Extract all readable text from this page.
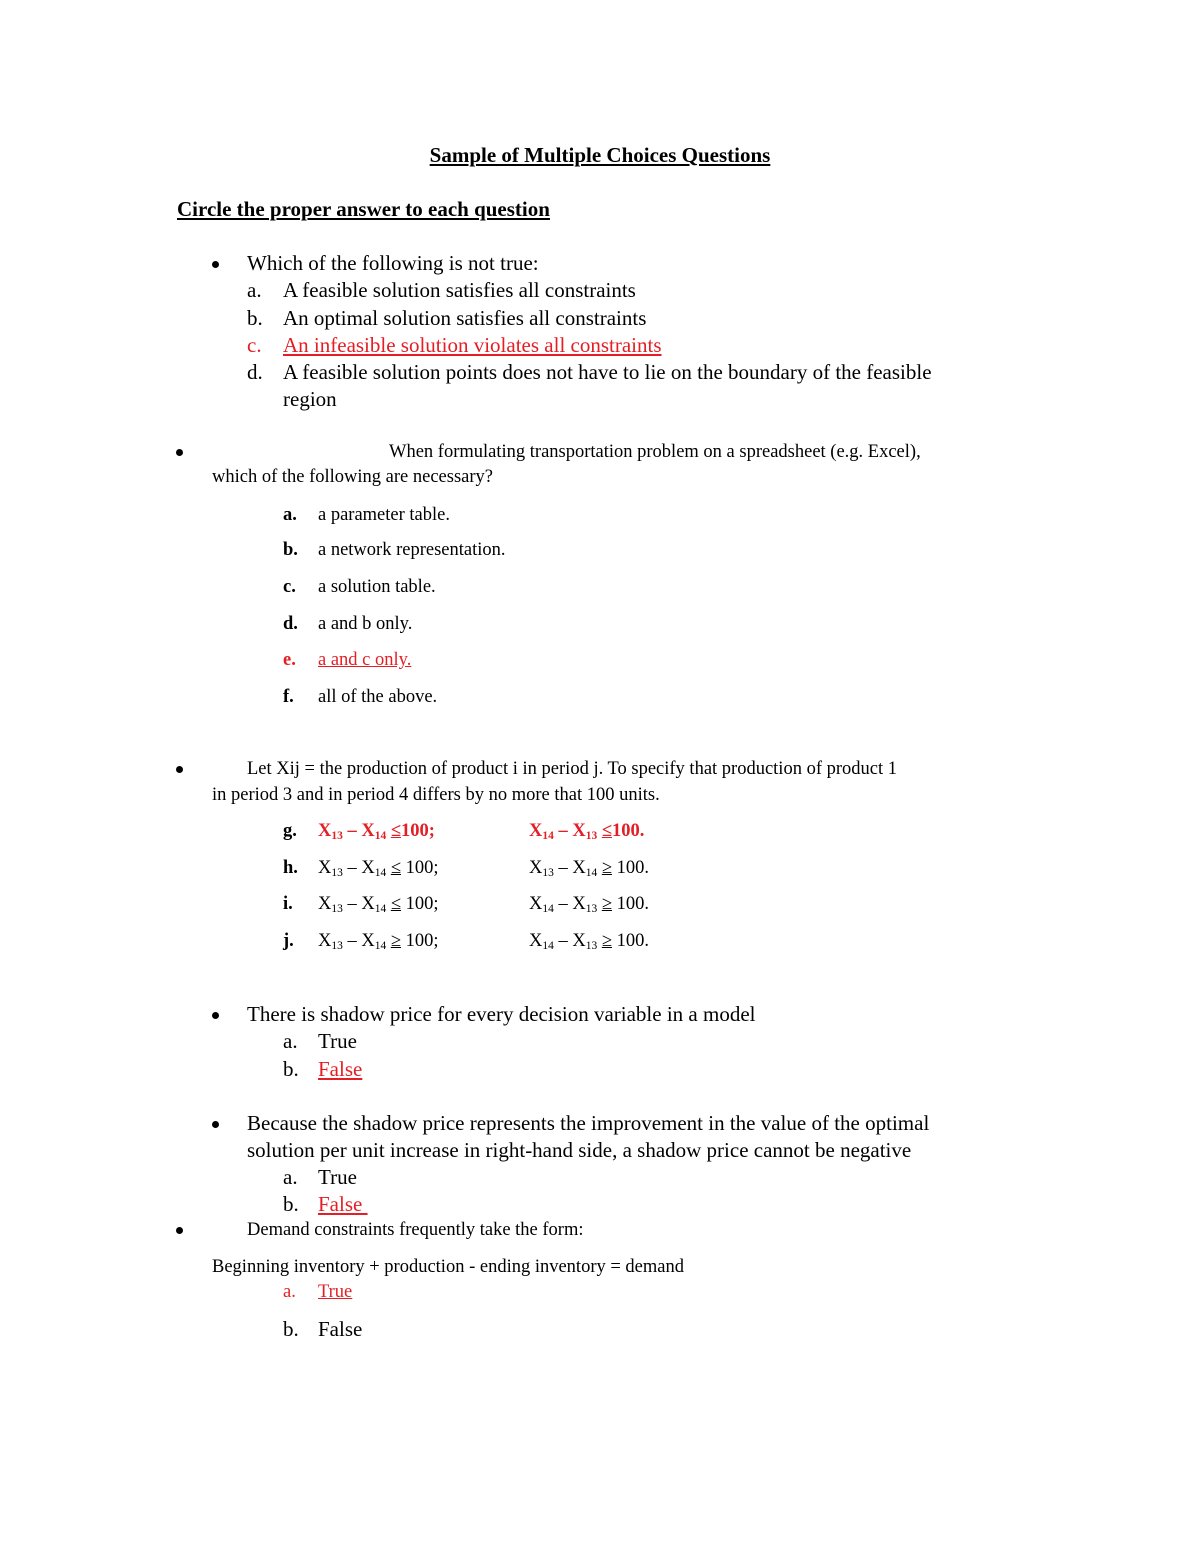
Sample of Multiple Choices Questions
Circle the proper answer to each question
Which of the following is not true:
a. A feasible solution satisfies all constraints
b. An optimal solution satisfies all constraints
c. An infeasible solution violates all constraints
d. A feasible solution points does not have to lie on the boundary of the feasible
region
When formulating transportation problem on a spreadsheet (e.g. Excel),
which of the following are necessary?
a. a parameter table.
b. a network representation.
c. a solution table.
d. a and b only.
e. a and c only.
f. all of the above.
Let Xij = the production of product i in period j. To specify that production of product 1
in period 3 and in period 4 differs by no more that 100 units.
g. $X_{13} - X_{14} \le 100$;	$X_{14} - X_{13} \le 100$.
h. $X_{13} - X_{14} \le 100$;	$X_{13} - X_{14} \ge 100$.
i. $X_{13} - X_{14} \le 100$;	$X_{14} - X_{13} \ge 100$.
j. $X_{13} - X_{14} \ge 100$;	$X_{14} - X_{13} \ge 100$.
There is shadow price for every decision variable in a model
a. True
b. False
Because the shadow price represents the improvement in the value of the optimal
solution per unit increase in right-hand side, a shadow price cannot be negative
a. True
b. False
Demand constraints frequently take the form:
Beginning inventory + production - ending inventory = demand
a. True
b. False
